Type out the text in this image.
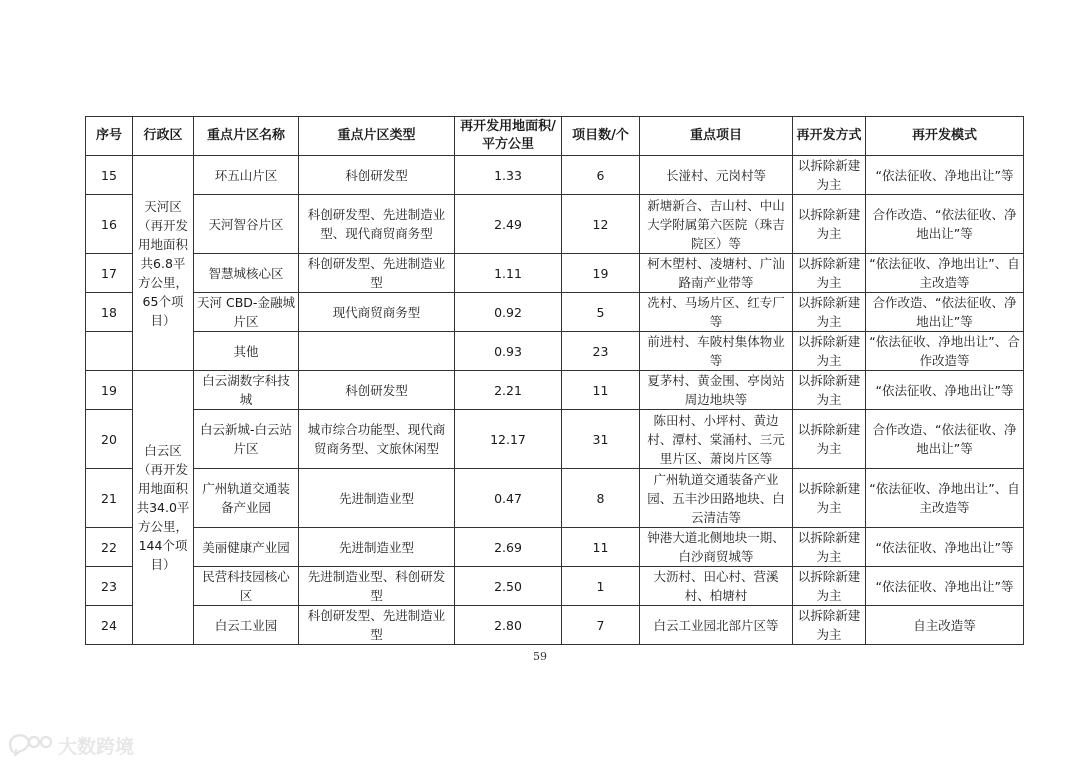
序号	行政区	重点片区名称	重点片区类型	再开发用地面积/平方公里	项目数/个	重点项目	再开发方式	再开发模式
15	天河区（再开发用地面积共6.8平方公里，65个项目）	环五山片区	科创研发型	1.33	6	长湴村、元岗村等	以拆除新建为主	“依法征收、净地出让”等
16		天河智谷片区	科创研发型、先进制造业型、现代商贸商务型	2.49	12	新塘新合、吉山村、中山大学附属第六医院（珠吉院区）等	以拆除新建为主	合作改造、“依法征收、净地出让”等
17		智慧城核心区	科创研发型、先进制造业型	1.11	19	柯木塱村、凌塘村、广汕路南产业带等	以拆除新建为主	“依法征收、净地出让”、自主改造等
18		天河 CBD-金融城片区	现代商贸商务型	0.92	5	冼村、马场片区、红专厂等	以拆除新建为主	合作改造、“依法征收、净地出让”等
		其他		0.93	23	前进村、车陂村集体物业等	以拆除新建为主	“依法征收、净地出让”、合作改造等
19	白云区（再开发用地面积共34.0平方公里，144个项目）	白云湖数字科技城	科创研发型	2.21	11	夏茅村、黄金围、亭岗站周边地块等	以拆除新建为主	“依法征收、净地出让”等
20		白云新城-白云站片区	城市综合功能型、现代商贸商务型、文旅休闲型	12.17	31	陈田村、小坪村、黄边村、潭村、棠涌村、三元里片区、萧岗片区等	以拆除新建为主	合作改造、“依法征收、净地出让”等
21		广州轨道交通装备产业园	先进制造业型	0.47	8	广州轨道交通装备产业园、五丰沙田路地块、白云清洁等	以拆除新建为主	“依法征收、净地出让”、自主改造等
22		美丽健康产业园	先进制造业型	2.69	11	钟港大道北侧地块一期、白沙商贸城等	以拆除新建为主	“依法征收、净地出让”等
23		民营科技园核心区	先进制造业型、科创研发型	2.50	1	大沥村、田心村、营溪村、柏塘村	以拆除新建为主	“依法征收、净地出让”等
24		白云工业园	科创研发型、先进制造业型	2.80	7	白云工业园北部片区等	以拆除新建为主	自主改造等
59
大数跨境
